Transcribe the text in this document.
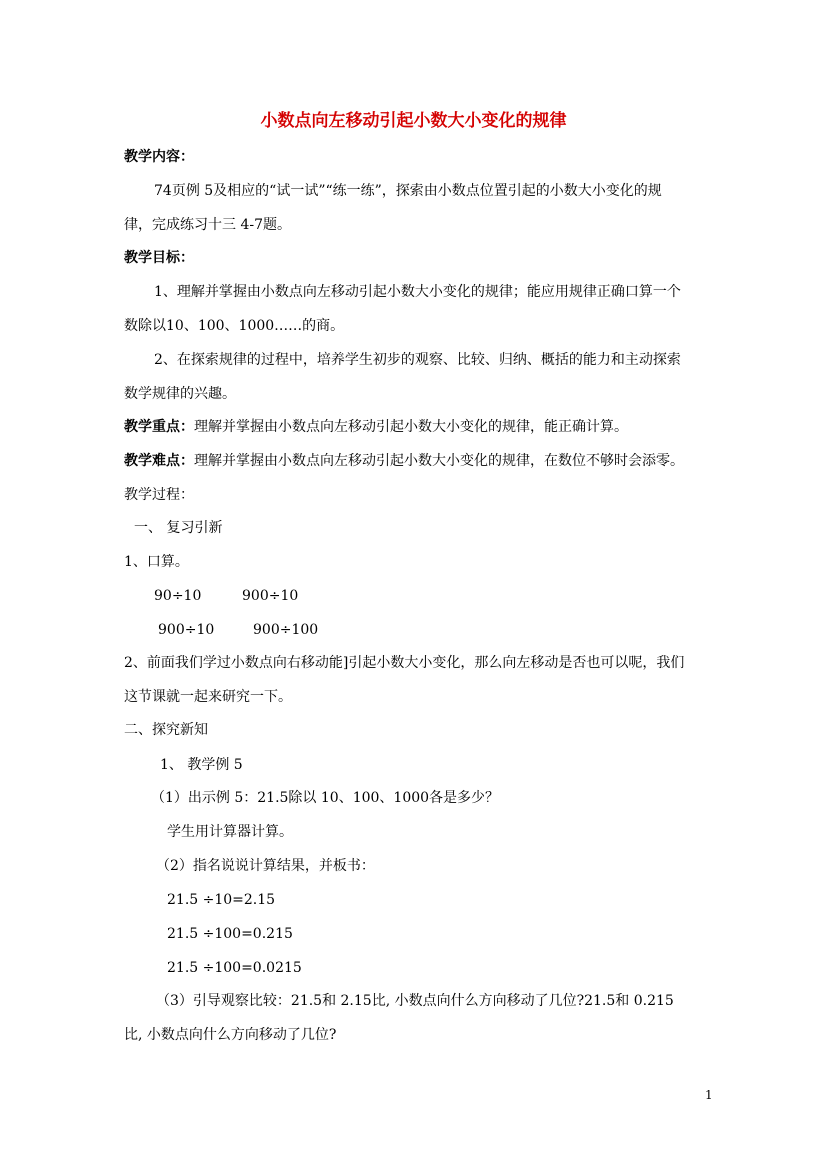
小数点向左移动引起小数大小变化的规律
教学内容：
74页例 5及相应的“试一试”“练一练”，探索由小数点位置引起的小数大小变化的规
律，完成练习十三 4-7题。
教学目标：
1、理解并掌握由小数点向左移动引起小数大小变化的规律；能应用规律正确口算一个
数除以10、100、1000……的商。
2、在探索规律的过程中，培养学生初步的观察、比较、归纳、概括的能力和主动探索
数学规律的兴趣。
教学重点：理解并掌握由小数点向左移动引起小数大小变化的规律，能正确计算。
教学难点：理解并掌握由小数点向左移动引起小数大小变化的规律，在数位不够时会添零。
教学过程：
一、 复习引新
1、口算。
90÷10	900÷10
900÷10	900÷100
2、前面我们学过小数点向右移动能]引起小数大小变化，那么向左移动是否也可以呢，我们
这节课就一起来研究一下。
二、探究新知
1、 教学例 5
（1）出示例 5：21.5除以 10、100、1000各是多少？
学生用计算器计算。
（2）指名说说计算结果，并板书：
21.5 ÷10=2.15
21.5 ÷100=0.215
21.5 ÷100=0.0215
（3）引导观察比较：21.5和 2.15比, 小数点向什么方向移动了几位?21.5和 0.215
比, 小数点向什么方向移动了几位?
1
